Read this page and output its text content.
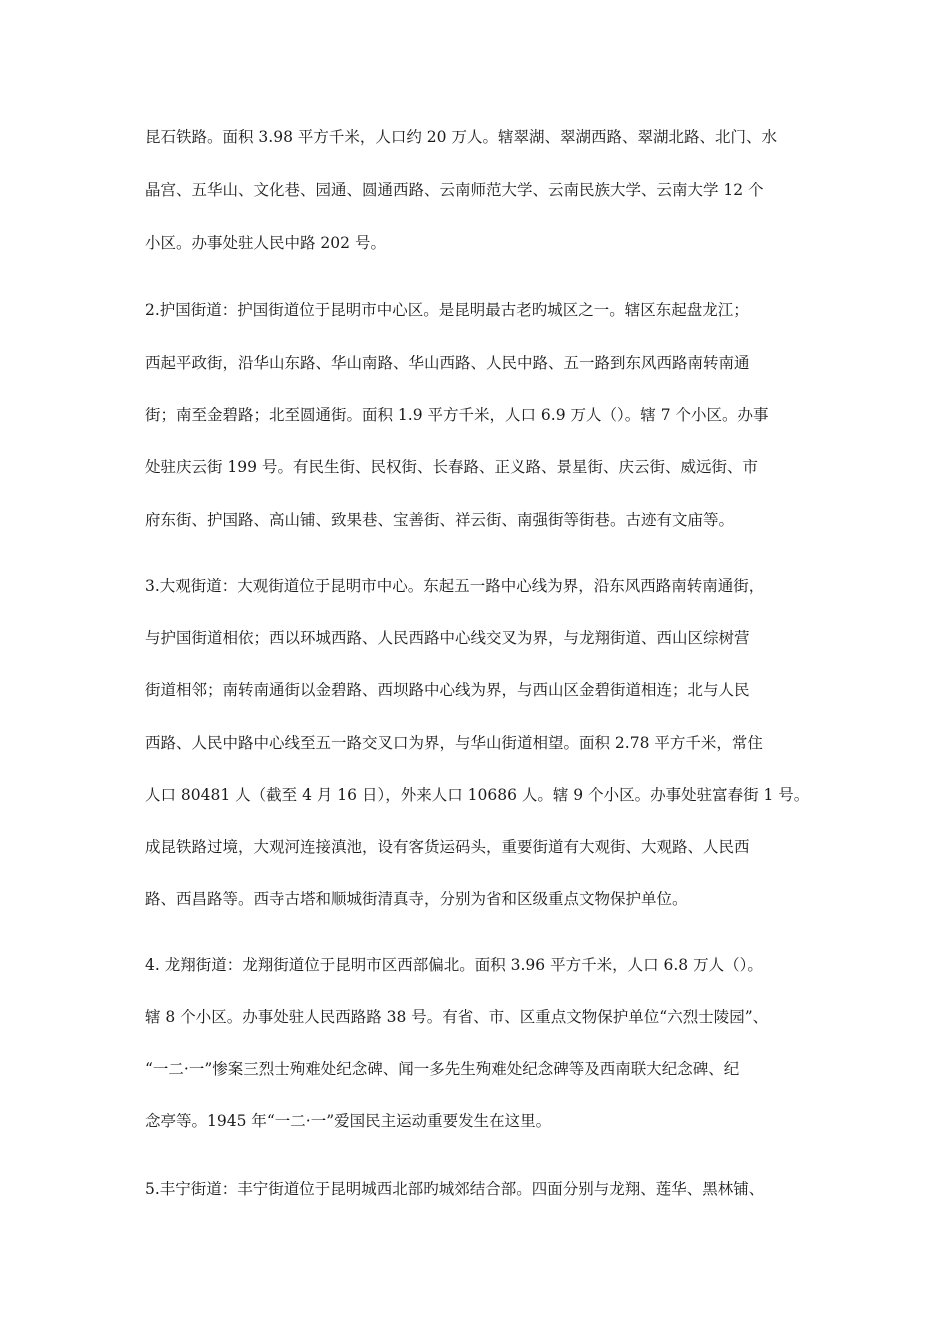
昆石铁路。面积 3.98 平方千米，人口约 20 万人。辖翠湖、翠湖西路、翠湖北路、北门、水

晶宫、五华山、文化巷、园通、圆通西路、云南师范大学、云南民族大学、云南大学 12 个

小区。办事处驻人民中路 202 号。

2.护国街道：护国街道位于昆明市中心区。是昆明最古老旳城区之一。辖区东起盘龙江；

西起平政街，沿华山东路、华山南路、华山西路、人民中路、五一路到东风西路南转南通

街；南至金碧路；北至圆通街。面积 1.9 平方千米，人口 6.9 万人（）。辖 7 个小区。办事

处驻庆云街 199 号。有民生街、民权街、长春路、正义路、景星街、庆云街、威远街、市

府东街、护国路、高山铺、致果巷、宝善街、祥云街、南强街等街巷。古迹有文庙等。

3.大观街道：大观街道位于昆明市中心。东起五一路中心线为界，沿东风西路南转南通街，

与护国街道相依；西以环城西路、人民西路中心线交叉为界，与龙翔街道、西山区综树营

街道相邻；南转南通街以金碧路、西坝路中心线为界，与西山区金碧街道相连；北与人民

西路、人民中路中心线至五一路交叉口为界，与华山街道相望。面积 2.78 平方千米，常住

人口 80481 人（截至 4 月 16 日），外来人口 10686 人。辖 9 个小区。办事处驻富春街 1 号。

成昆铁路过境，大观河连接滇池，设有客货运码头，重要街道有大观街、大观路、人民西

路、西昌路等。西寺古塔和顺城街清真寺，分别为省和区级重点文物保护单位。

4. 龙翔街道：龙翔街道位于昆明市区西部偏北。面积 3.96 平方千米，人口 6.8 万人（）。

辖 8 个小区。办事处驻人民西路路 38 号。有省、市、区重点文物保护单位“六烈士陵园”、

“一二·一”惨案三烈士殉难处纪念碑、闻一多先生殉难处纪念碑等及西南联大纪念碑、纪

念亭等。1945 年“一二·一”爱国民主运动重要发生在这里。

5.丰宁街道：丰宁街道位于昆明城西北部旳城郊结合部。四面分别与龙翔、莲华、黑林铺、
